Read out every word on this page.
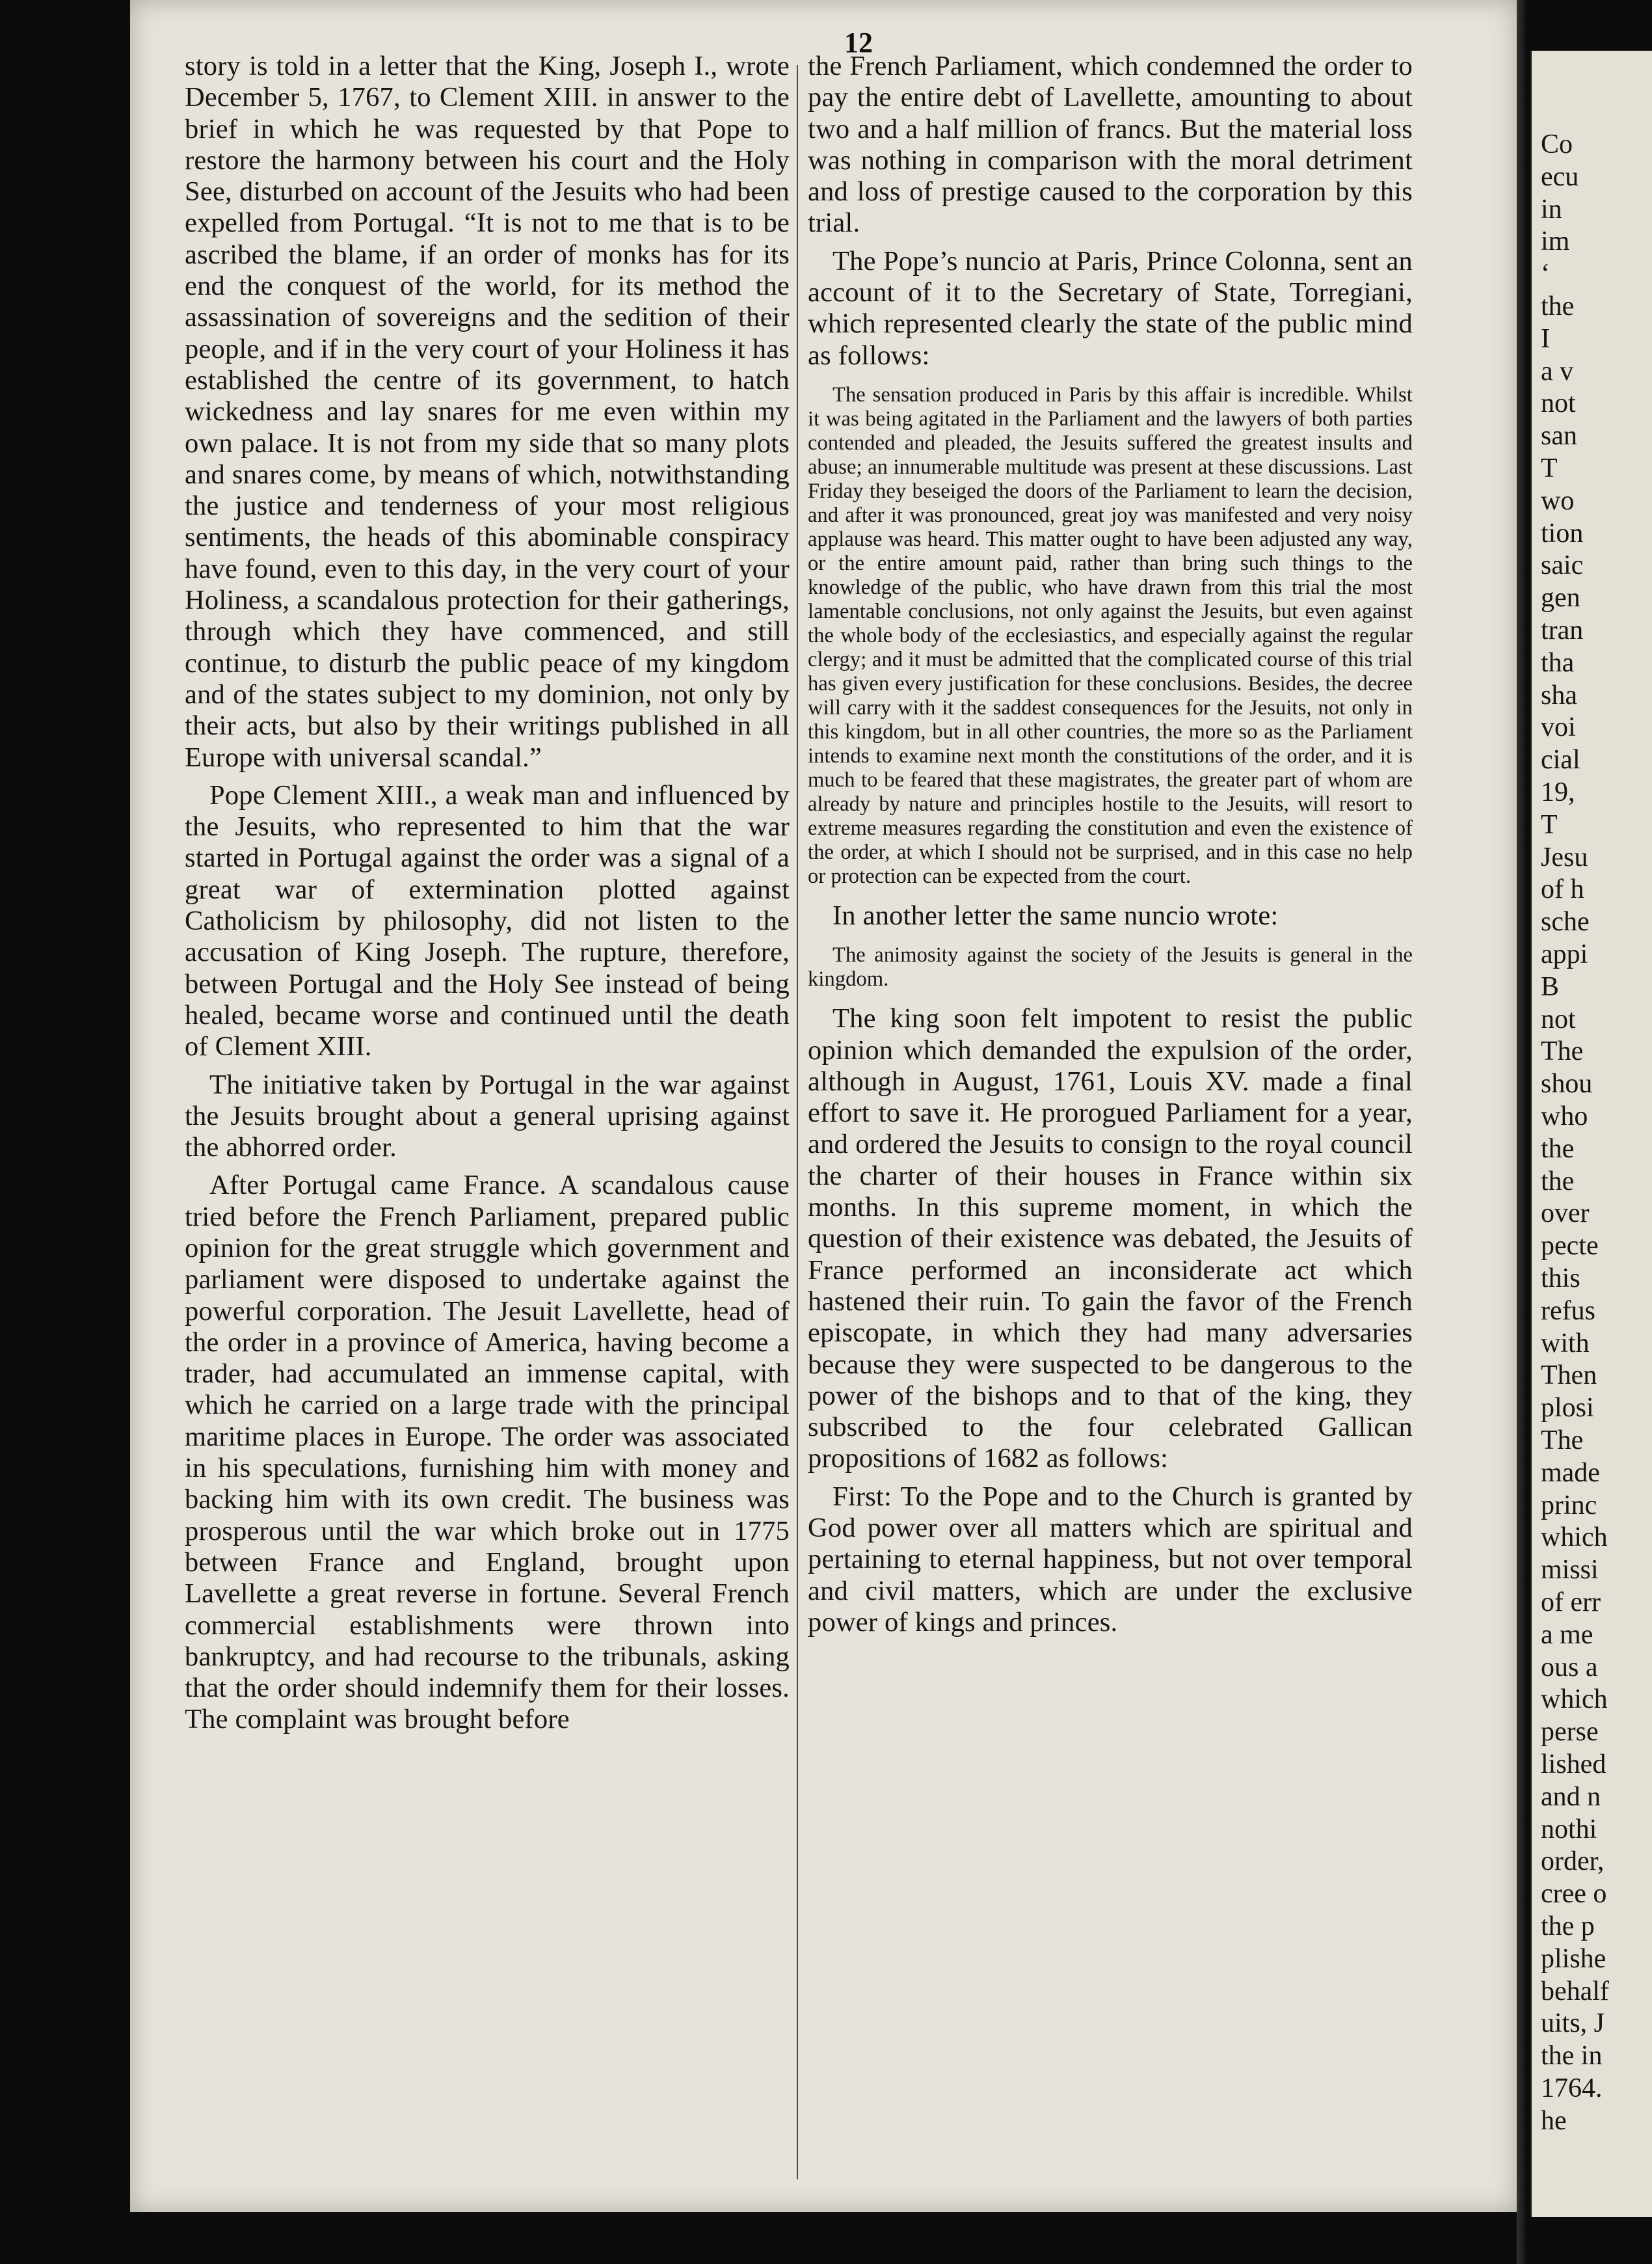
12

story is told in a letter that the King, Joseph I., wrote December 5, 1767, to Clement XIII. in answer to the brief in which he was requested by that Pope to restore the harmony between his court and the Holy See, disturbed on account of the Jesuits who had been expelled from Portugal. “It is not to me that is to be ascribed the blame, if an order of monks has for its end the conquest of the world, for its method the assassination of sovereigns and the sedition of their people, and if in the very court of your Holiness it has established the centre of its government, to hatch wickedness and lay snares for me even within my own palace. It is not from my side that so many plots and snares come, by means of which, notwithstanding the justice and tenderness of your most religious sentiments, the heads of this abominable conspiracy have found, even to this day, in the very court of your Holiness, a scandalous protection for their gatherings, through which they have commenced, and still continue, to disturb the public peace of my kingdom and of the states subject to my dominion, not only by their acts, but also by their writings published in all Europe with universal scandal.”

Pope Clement XIII., a weak man and influenced by the Jesuits, who represented to him that the war started in Portugal against the order was a signal of a great war of extermination plotted against Catholicism by philosophy, did not listen to the accusation of King Joseph. The rupture, therefore, between Portugal and the Holy See instead of being healed, became worse and continued until the death of Clement XIII.

The initiative taken by Portugal in the war against the Jesuits brought about a general uprising against the abhorred order.

After Portugal came France. A scandalous cause tried before the French Parliament, prepared public opinion for the great struggle which government and parliament were disposed to undertake against the powerful corporation. The Jesuit Lavellette, head of the order in a province of America, having become a trader, had accumulated an immense capital, with which he carried on a large trade with the principal maritime places in Europe. The order was associated in his speculations, furnishing him with money and backing him with its own credit. The business was prosperous until the war which broke out in 1775 between France and England, brought upon Lavellette a great reverse in fortune. Several French commercial establishments were thrown into bankruptcy, and had recourse to the tribunals, asking that the order should indemnify them for their losses. The complaint was brought before

the French Parliament, which condemned the order to pay the entire debt of Lavellette, amounting to about two and a half million of francs. But the material loss was nothing in comparison with the moral detriment and loss of prestige caused to the corporation by this trial.

The Pope’s nuncio at Paris, Prince Colonna, sent an account of it to the Secretary of State, Torregiani, which represented clearly the state of the public mind as follows:

The sensation produced in Paris by this affair is incredible. Whilst it was being agitated in the Parliament and the lawyers of both parties contended and pleaded, the Jesuits suffered the greatest insults and abuse; an innumerable multitude was present at these discussions. Last Friday they beseiged the doors of the Parliament to learn the decision, and after it was pronounced, great joy was manifested and very noisy applause was heard. This matter ought to have been adjusted any way, or the entire amount paid, rather than bring such things to the knowledge of the public, who have drawn from this trial the most lamentable conclusions, not only against the Jesuits, but even against the whole body of the ecclesiastics, and especially against the regular clergy; and it must be admitted that the complicated course of this trial has given every justification for these conclusions. Besides, the decree will carry with it the saddest consequences for the Jesuits, not only in this kingdom, but in all other countries, the more so as the Parliament intends to examine next month the constitutions of the order, and it is much to be feared that these magistrates, the greater part of whom are already by nature and principles hostile to the Jesuits, will resort to extreme measures regarding the constitution and even the existence of the order, at which I should not be surprised, and in this case no help or protection can be expected from the court.

In another letter the same nuncio wrote:

The animosity against the society of the Jesuits is general in the kingdom.

The king soon felt impotent to resist the public opinion which demanded the expulsion of the order, although in August, 1761, Louis XV. made a final effort to save it. He prorogued Parliament for a year, and ordered the Jesuits to consign to the royal council the charter of their houses in France within six months. In this supreme moment, in which the question of their existence was debated, the Jesuits of France performed an inconsiderate act which hastened their ruin. To gain the favor of the French episcopate, in which they had many adversaries because they were suspected to be dangerous to the power of the bishops and to that of the king, they subscribed to the four celebrated Gallican propositions of 1682 as follows:

First: To the Pope and to the Church is granted by God power over all matters which are spiritual and pertaining to eternal happiness, but not over temporal and civil matters, which are under the exclusive power of kings and princes.

Co
ecu
in
im
‘
the
I
a v
not
san
T
wo
tion
saic
gen
tran
tha
sha
voi
cial
19,
T
Jesu
of h
sche
appi
B
not
The
shou
who
the
the
over
pecte
this
refus
with
Then
plosi
The
made
princ
which
missi
of err
a me
ous a
which
perse
lished
and n
nothi
order,
cree o
the p
plishe
behalf
uits, J
the in
1764.
he
